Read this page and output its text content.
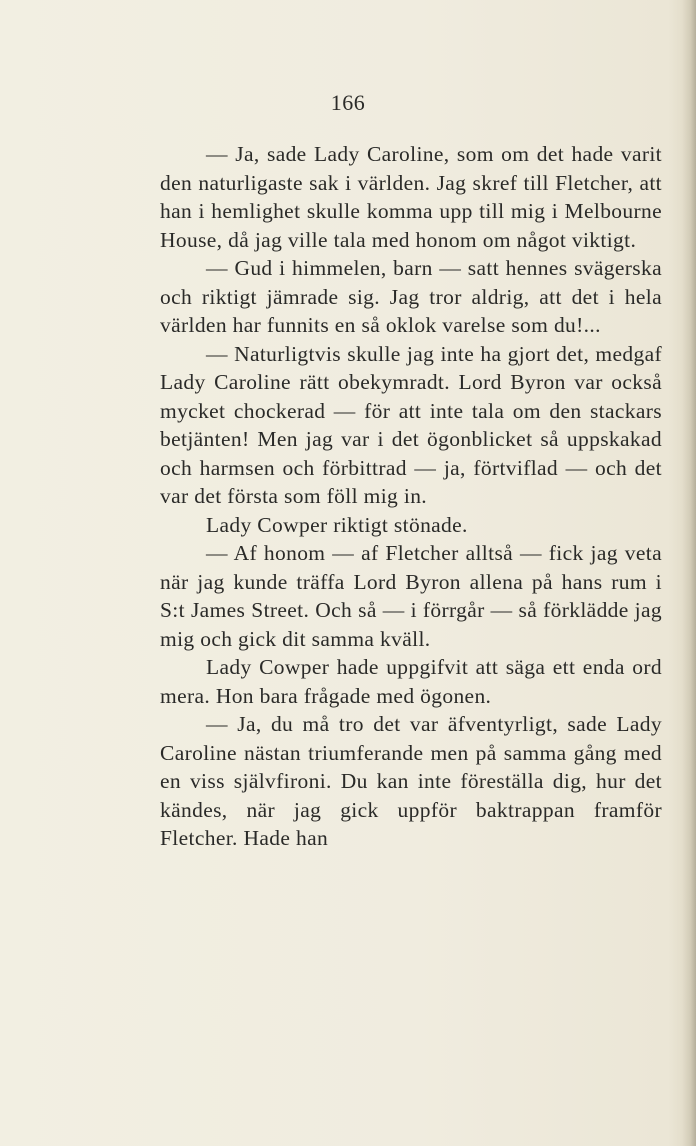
166

— Ja, sade Lady Caroline, som om det hade varit den naturligaste sak i världen. Jag skref till Fletcher, att han i hemlighet skulle komma upp till mig i Melbourne House, då jag ville tala med honom om något viktigt.

— Gud i himmelen, barn — satt hennes svägerska och riktigt jämrade sig. Jag tror aldrig, att det i hela världen har funnits en så oklok varelse som du!...

— Naturligtvis skulle jag inte ha gjort det, medgaf Lady Caroline rätt obekymradt. Lord Byron var också mycket chockerad — för att inte tala om den stackars betjänten! Men jag var i det ögonblicket så uppskakad och harmsen och förbittrad — ja, förtviflad — och det var det första som föll mig in.

Lady Cowper riktigt stönade.

— Af honom — af Fletcher alltså — fick jag veta när jag kunde träffa Lord Byron allena på hans rum i S:t James Street. Och så — i förrgår — så förklädde jag mig och gick dit samma kväll.

Lady Cowper hade uppgifvit att säga ett enda ord mera. Hon bara frågade med ögonen.

— Ja, du må tro det var äfventyrligt, sade Lady Caroline nästan triumferande men på samma gång med en viss självfironi. Du kan inte föreställa dig, hur det kändes, när jag gick uppför baktrappan framför Fletcher. Hade han
